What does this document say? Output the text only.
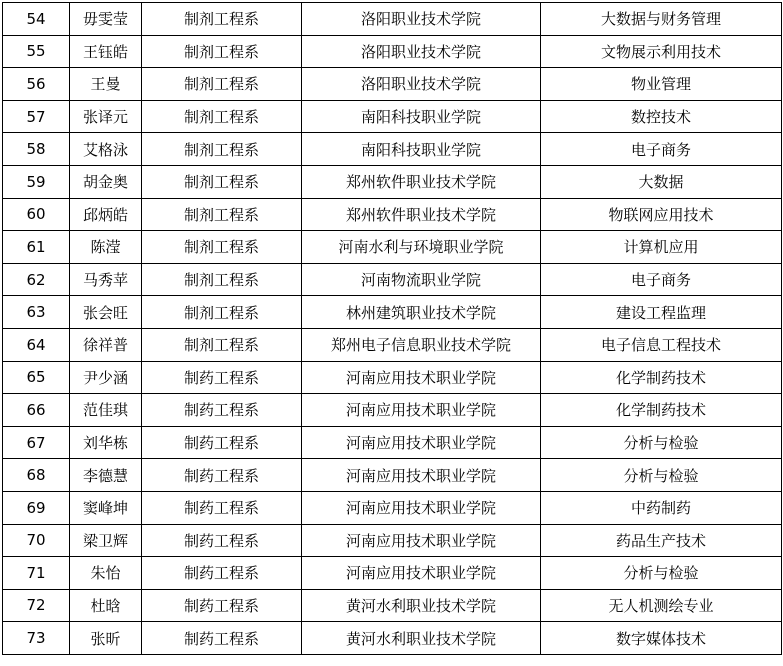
54	毋雯莹	制剂工程系	洛阳职业技术学院	大数据与财务管理
55	王钰皓	制剂工程系	洛阳职业技术学院	文物展示利用技术
56	王曼	制剂工程系	洛阳职业技术学院	物业管理
57	张译元	制剂工程系	南阳科技职业学院	数控技术
58	艾格泳	制剂工程系	南阳科技职业学院	电子商务
59	胡金奥	制剂工程系	郑州软件职业技术学院	大数据
60	邱炳皓	制剂工程系	郑州软件职业技术学院	物联网应用技术
61	陈滢	制剂工程系	河南水利与环境职业学院	计算机应用
62	马秀苹	制剂工程系	河南物流职业学院	电子商务
63	张会旺	制剂工程系	林州建筑职业技术学院	建设工程监理
64	徐祥普	制剂工程系	郑州电子信息职业技术学院	电子信息工程技术
65	尹少涵	制药工程系	河南应用技术职业学院	化学制药技术
66	范佳琪	制药工程系	河南应用技术职业学院	化学制药技术
67	刘华栋	制药工程系	河南应用技术职业学院	分析与检验
68	李德慧	制药工程系	河南应用技术职业学院	分析与检验
69	窦峰坤	制药工程系	河南应用技术职业学院	中药制药
70	梁卫辉	制药工程系	河南应用技术职业学院	药品生产技术
71	朱怡	制药工程系	河南应用技术职业学院	分析与检验
72	杜晗	制药工程系	黄河水利职业技术学院	无人机测绘专业
73	张昕	制药工程系	黄河水利职业技术学院	数字媒体技术
